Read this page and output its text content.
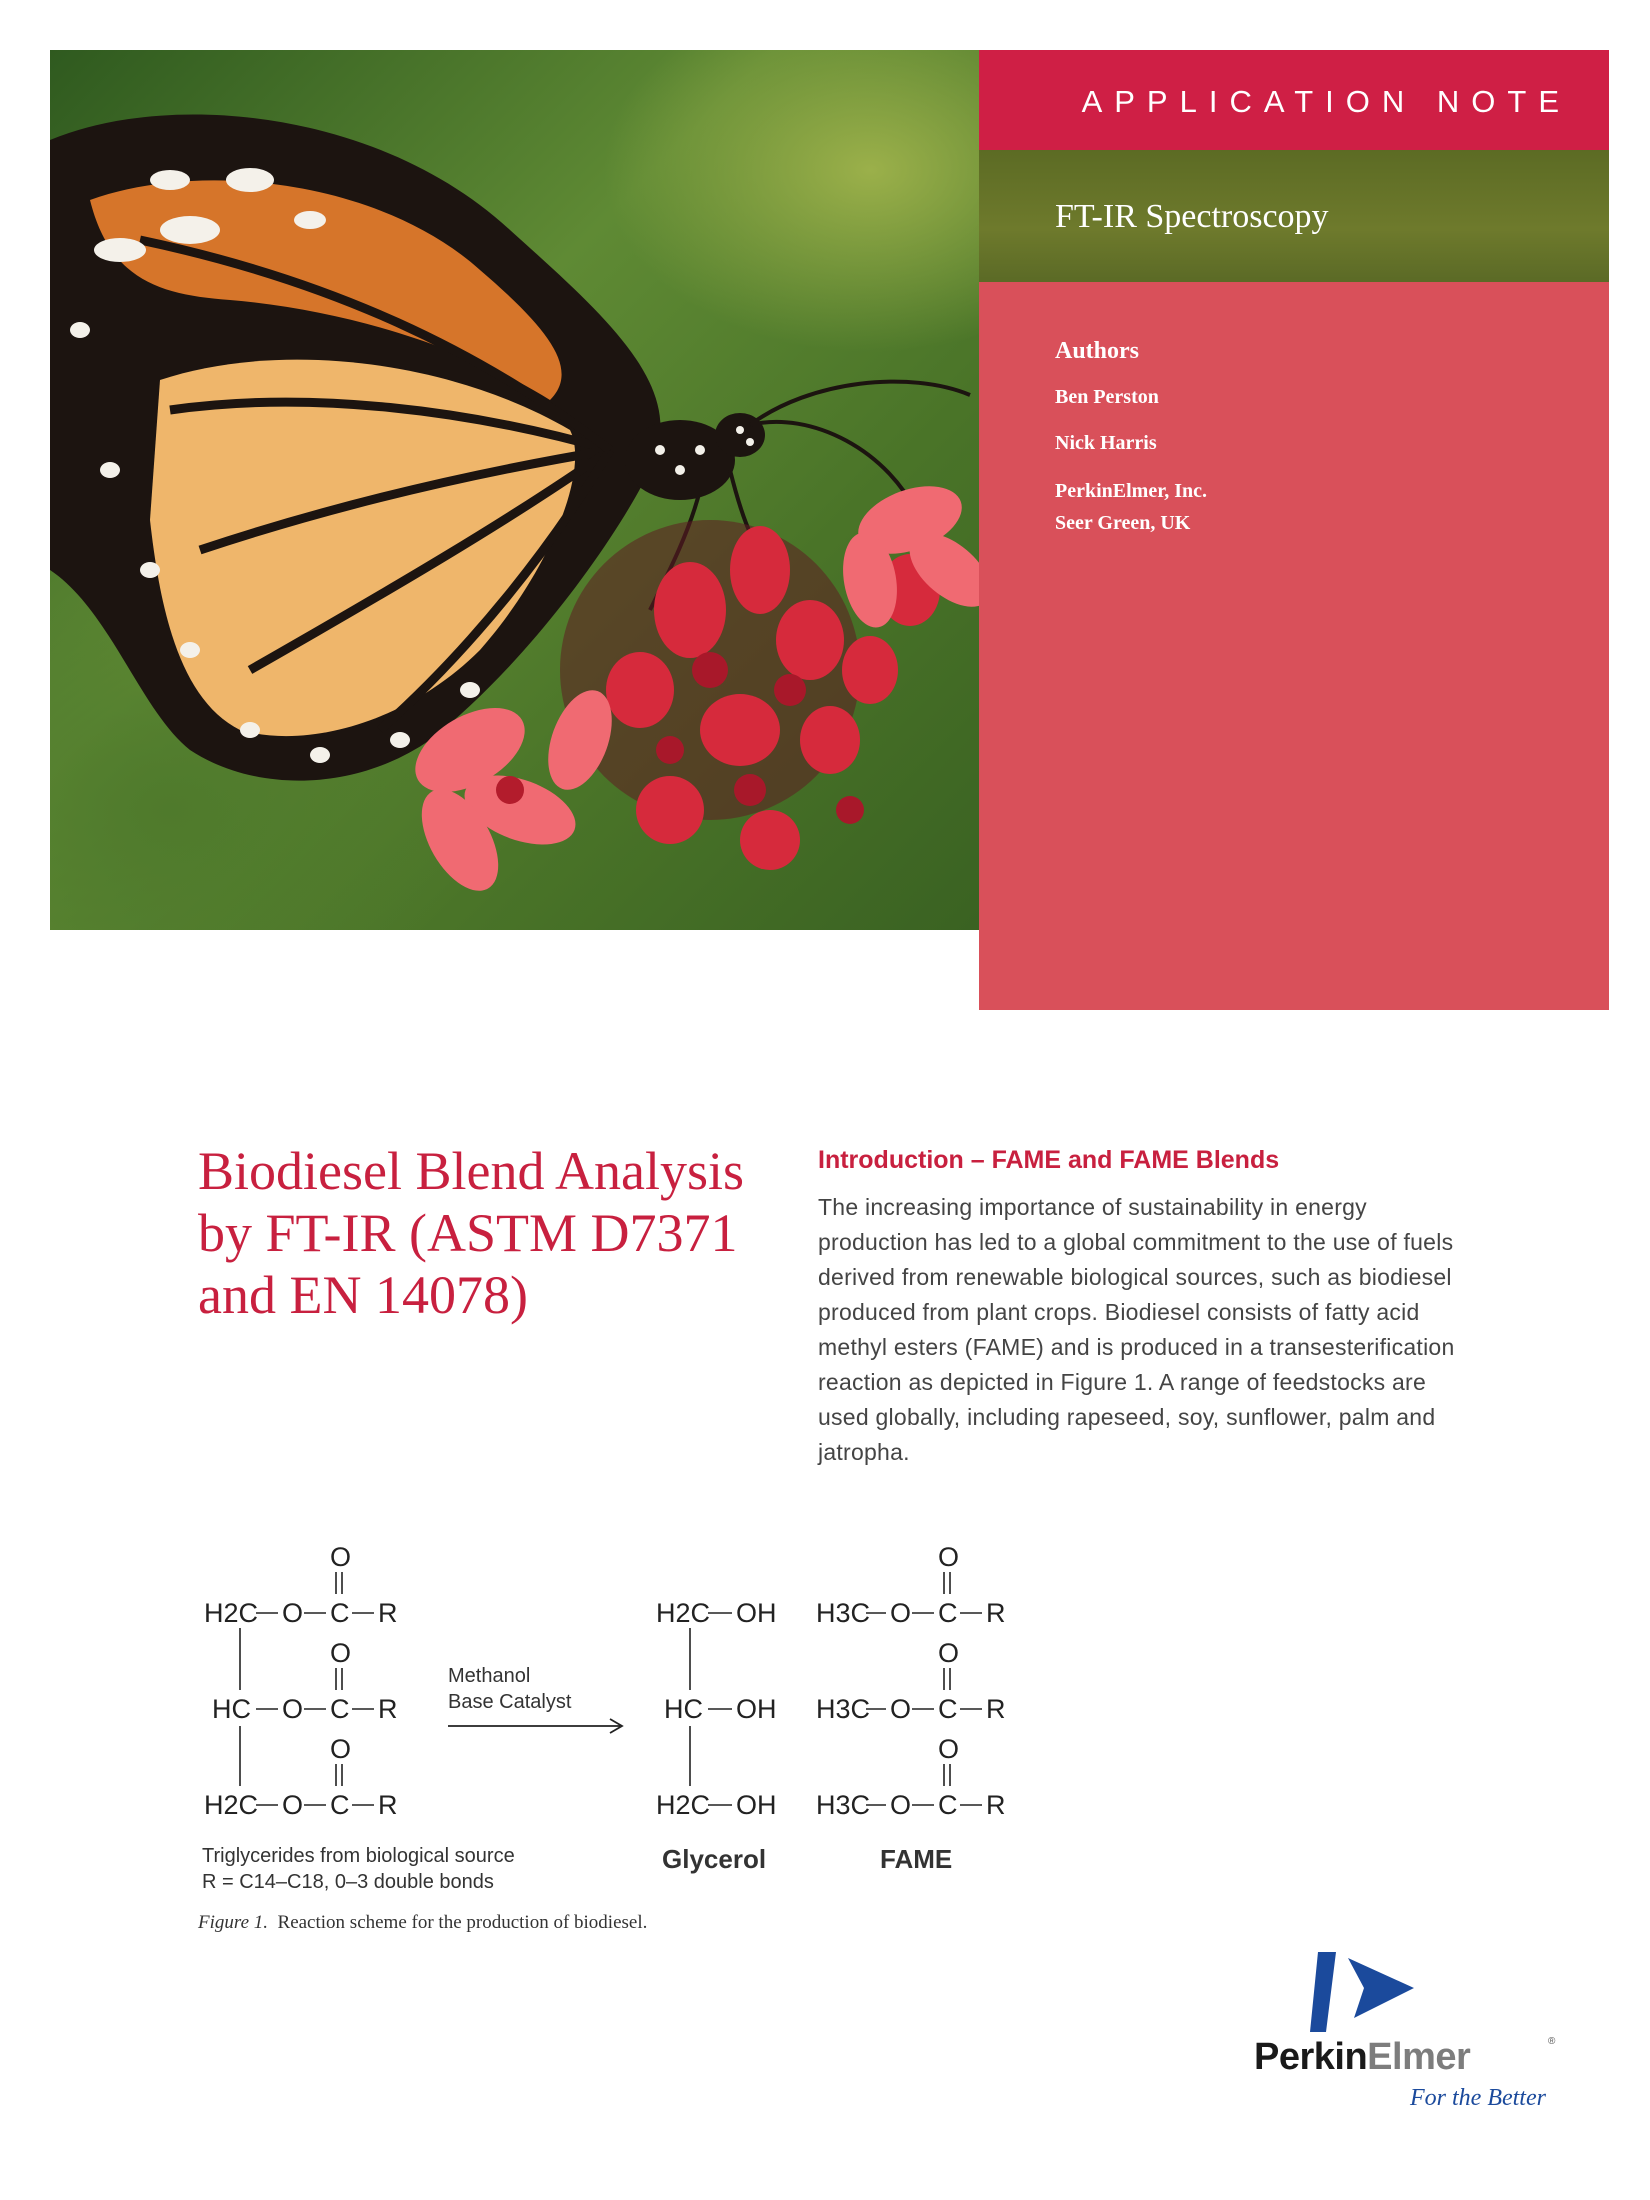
APPLICATION NOTE

FT-IR Spectroscopy

Authors

Ben Perston

Nick Harris

PerkinElmer, Inc.

Seer Green, UK

Biodiesel Blend Analysis by FT-IR (ASTM D7371 and EN 14078)
Introduction – FAME and FAME Blends

The increasing importance of sustainability in energy production has led to a global commitment to the use of fuels derived from renewable biological sources, such as biodiesel produced from plant crops. Biodiesel consists of fatty acid methyl esters (FAME) and is produced in a transesterification reaction as depicted in Figure 1. A range of feedstocks are used globally, including rapeseed, soy, sunflower, palm and jatropha.

H2C O C R
O
HC O C R
O
H2C O C R
O
Methanol
Base Catalyst
H2C OH
HC OH
H2C OH
H3C O C R
O
H3C O C R
O
H3C O C R
O
Triglycerides from biological source
R = C14–C18, 0–3 double bonds
Glycerol	FAME

Figure 1. Reaction scheme for the production of biodiesel.

PerkinElmer	®

For the Better
